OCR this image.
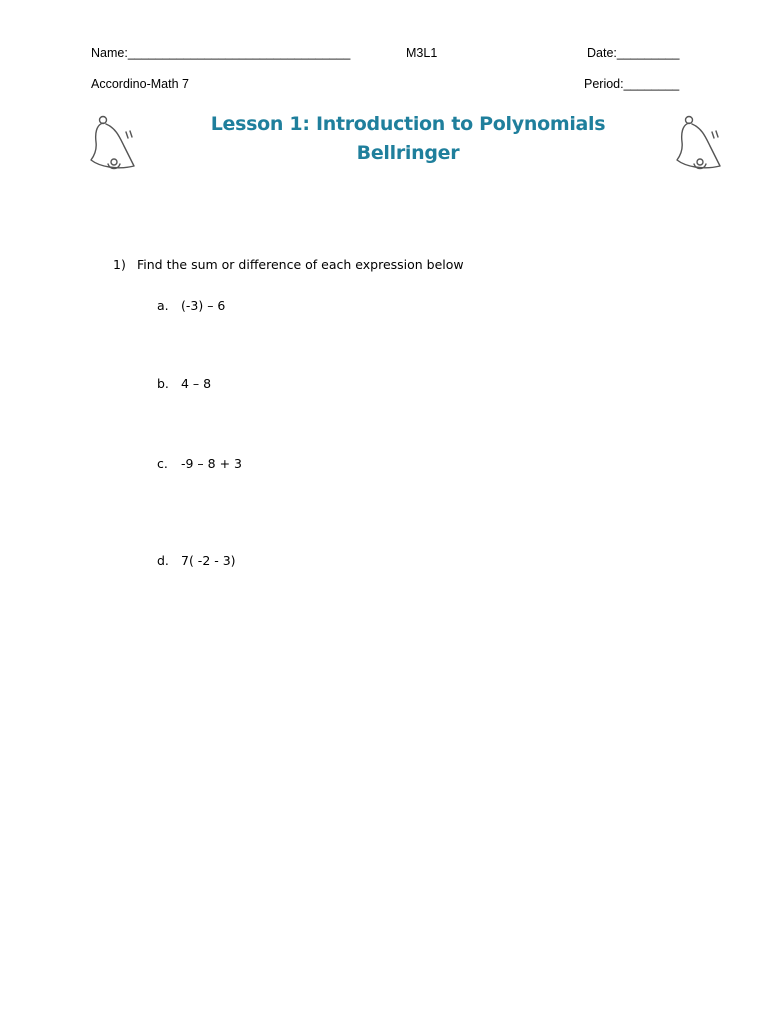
Name:________________________________	M3L1	Date:_________
Accordino-Math 7	Period:________
Lesson 1: Introduction to Polynomials
Bellringer
1) Find the sum or difference of each expression below
a. (-3) – 6
b. 4 – 8
c. -9 – 8 + 3
d. 7( -2 - 3)
